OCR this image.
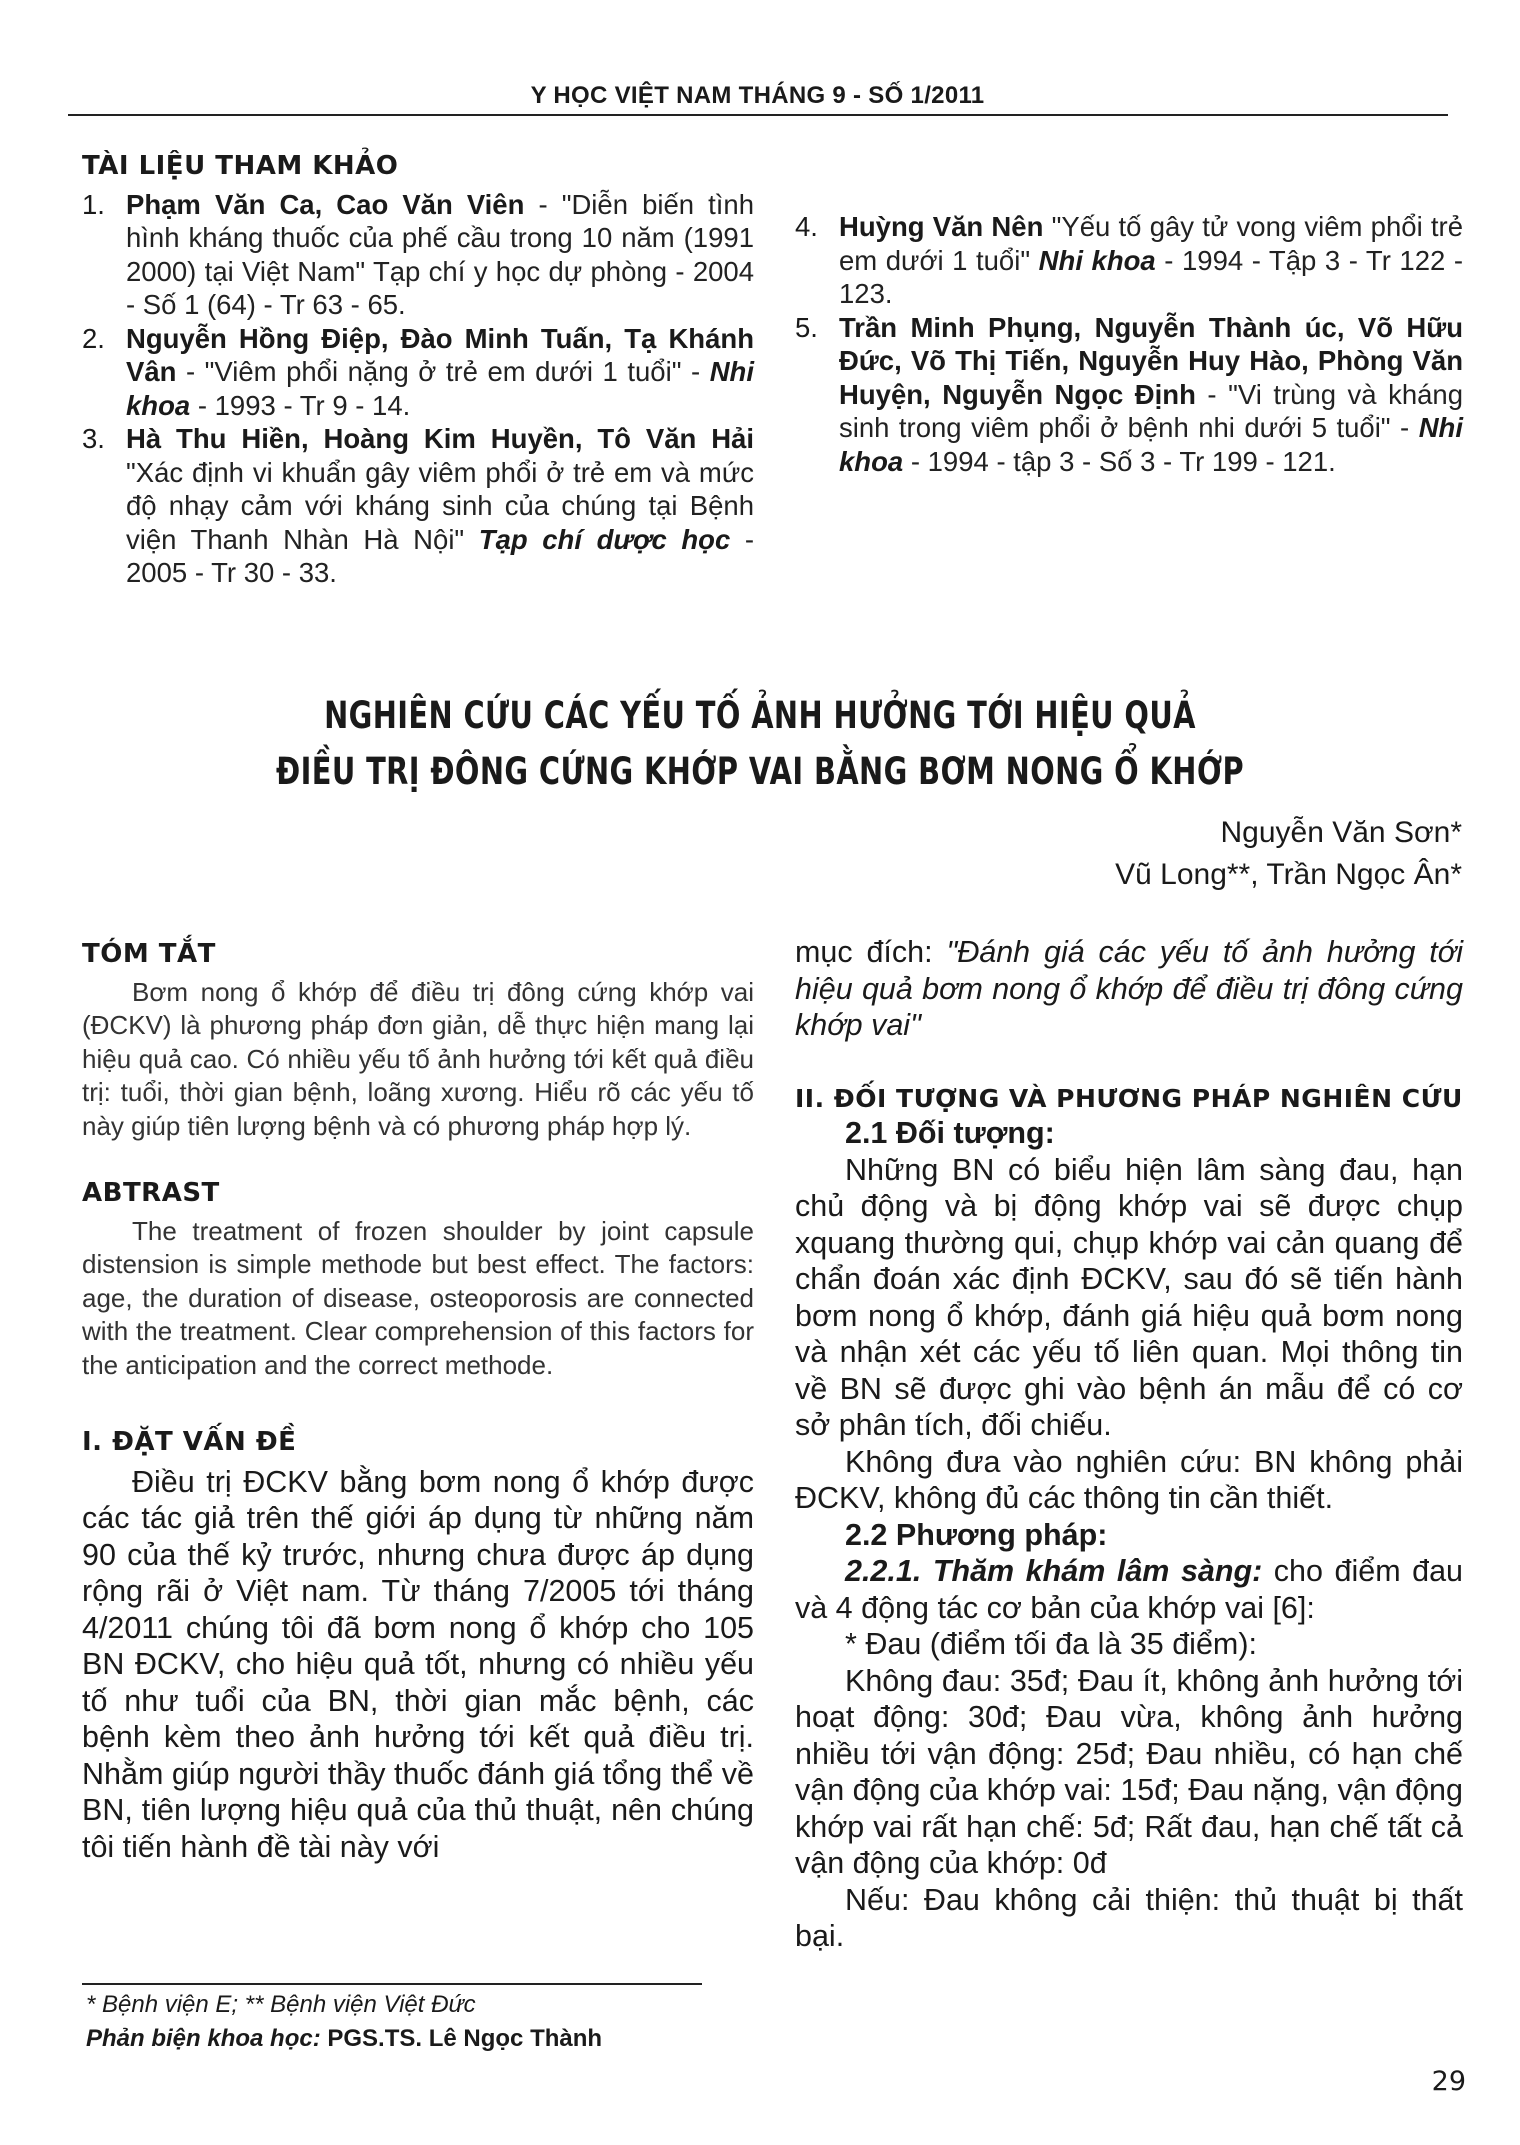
Y HỌC VIỆT NAM THÁNG 9 - SỐ 1/2011
TÀI LIỆU THAM KHẢO
1. Phạm Văn Ca, Cao Văn Viên - "Diễn biến tình hình kháng thuốc của phế cầu trong 10 năm (1991 2000) tại Việt Nam" Tạp chí y học dự phòng - 2004 - Số 1 (64) - Tr 63 - 65.
2. Nguyễn Hồng Điệp, Đào Minh Tuấn, Tạ Khánh Vân - "Viêm phổi nặng ở trẻ em dưới 1 tuổi" - Nhi khoa - 1993 - Tr 9 - 14.
3. Hà Thu Hiền, Hoàng Kim Huyền, Tô Văn Hải "Xác định vi khuẩn gây viêm phổi ở trẻ em và mức độ nhạy cảm với kháng sinh của chúng tại Bệnh viện Thanh Nhàn Hà Nội" Tạp chí dược học - 2005 - Tr 30 - 33.
4. Huỳng Văn Nên "Yếu tố gây tử vong viêm phổi trẻ em dưới 1 tuổi" Nhi khoa - 1994 - Tập 3 - Tr 122 - 123.
5. Trần Minh Phụng, Nguyễn Thành úc, Võ Hữu Đức, Võ Thị Tiến, Nguyễn Huy Hào, Phòng Văn Huyện, Nguyễn Ngọc Định - "Vi trùng và kháng sinh trong viêm phổi ở bệnh nhi dưới 5 tuổi" - Nhi khoa - 1994 - tập 3 - Số 3 - Tr 199 - 121.
NGHIÊN CỨU CÁC YẾU TỐ ẢNH HƯỞNG TỚI HIỆU QUẢ
ĐIỀU TRỊ ĐÔNG CỨNG KHỚP VAI BẰNG BƠM NONG Ổ KHỚP
Nguyễn Văn Sơn*
Vũ Long**, Trần Ngọc Ân*
TÓM TẮT
Bơm nong ổ khớp để điều trị đông cứng khớp vai (ĐCKV) là phương pháp đơn giản, dễ thực hiện mang lại hiệu quả cao. Có nhiều yếu tố ảnh hưởng tới kết quả điều trị: tuổi, thời gian bệnh, loãng xương. Hiểu rõ các yếu tố này giúp tiên lượng bệnh và có phương pháp hợp lý.
ABTRAST
The treatment of frozen shoulder by joint capsule distension is simple methode but best effect. The factors: age, the duration of disease, osteoporosis are connected with the treatment. Clear comprehension of this factors for the anticipation and the correct methode.
I. ĐẶT VẤN ĐỀ
Điều trị ĐCKV bằng bơm nong ổ khớp được các tác giả trên thế giới áp dụng từ những năm 90 của thế kỷ trước, nhưng chưa được áp dụng rộng rãi ở Việt nam. Từ tháng 7/2005 tới tháng 4/2011 chúng tôi đã bơm nong ổ khớp cho 105 BN ĐCKV, cho hiệu quả tốt, nhưng có nhiều yếu tố như tuổi của BN, thời gian mắc bệnh, các bệnh kèm theo ảnh hưởng tới kết quả điều trị. Nhằm giúp người thầy thuốc đánh giá tổng thể về BN, tiên lượng hiệu quả của thủ thuật, nên chúng tôi tiến hành đề tài này với
mục đích: "Đánh giá các yếu tố ảnh hưởng tới hiệu quả bơm nong ổ khớp để điều trị đông cứng khớp vai"
II. ĐỐI TƯỢNG VÀ PHƯƠNG PHÁP NGHIÊN CỨU
2.1 Đối tượng:
Những BN có biểu hiện lâm sàng đau, hạn chủ động và bị động khớp vai sẽ được chụp xquang thường qui, chụp khớp vai cản quang để chẩn đoán xác định ĐCKV, sau đó sẽ tiến hành bơm nong ổ khớp, đánh giá hiệu quả bơm nong và nhận xét các yếu tố liên quan. Mọi thông tin về BN sẽ được ghi vào bệnh án mẫu để có cơ sở phân tích, đối chiếu.
Không đưa vào nghiên cứu: BN không phải ĐCKV, không đủ các thông tin cần thiết.
2.2 Phương pháp:
2.2.1. Thăm khám lâm sàng: cho điểm đau và 4 động tác cơ bản của khớp vai [6]:
* Đau (điểm tối đa là 35 điểm):
Không đau: 35đ; Đau ít, không ảnh hưởng tới hoạt động: 30đ; Đau vừa, không ảnh hưởng nhiều tới vận động: 25đ; Đau nhiều, có hạn chế vận động của khớp vai: 15đ; Đau nặng, vận động khớp vai rất hạn chế: 5đ; Rất đau, hạn chế tất cả vận động của khớp: 0đ
Nếu: Đau không cải thiện: thủ thuật bị thất bại.
* Bệnh viện E; ** Bệnh viện Việt Đức
Phản biện khoa học: PGS.TS. Lê Ngọc Thành
29
